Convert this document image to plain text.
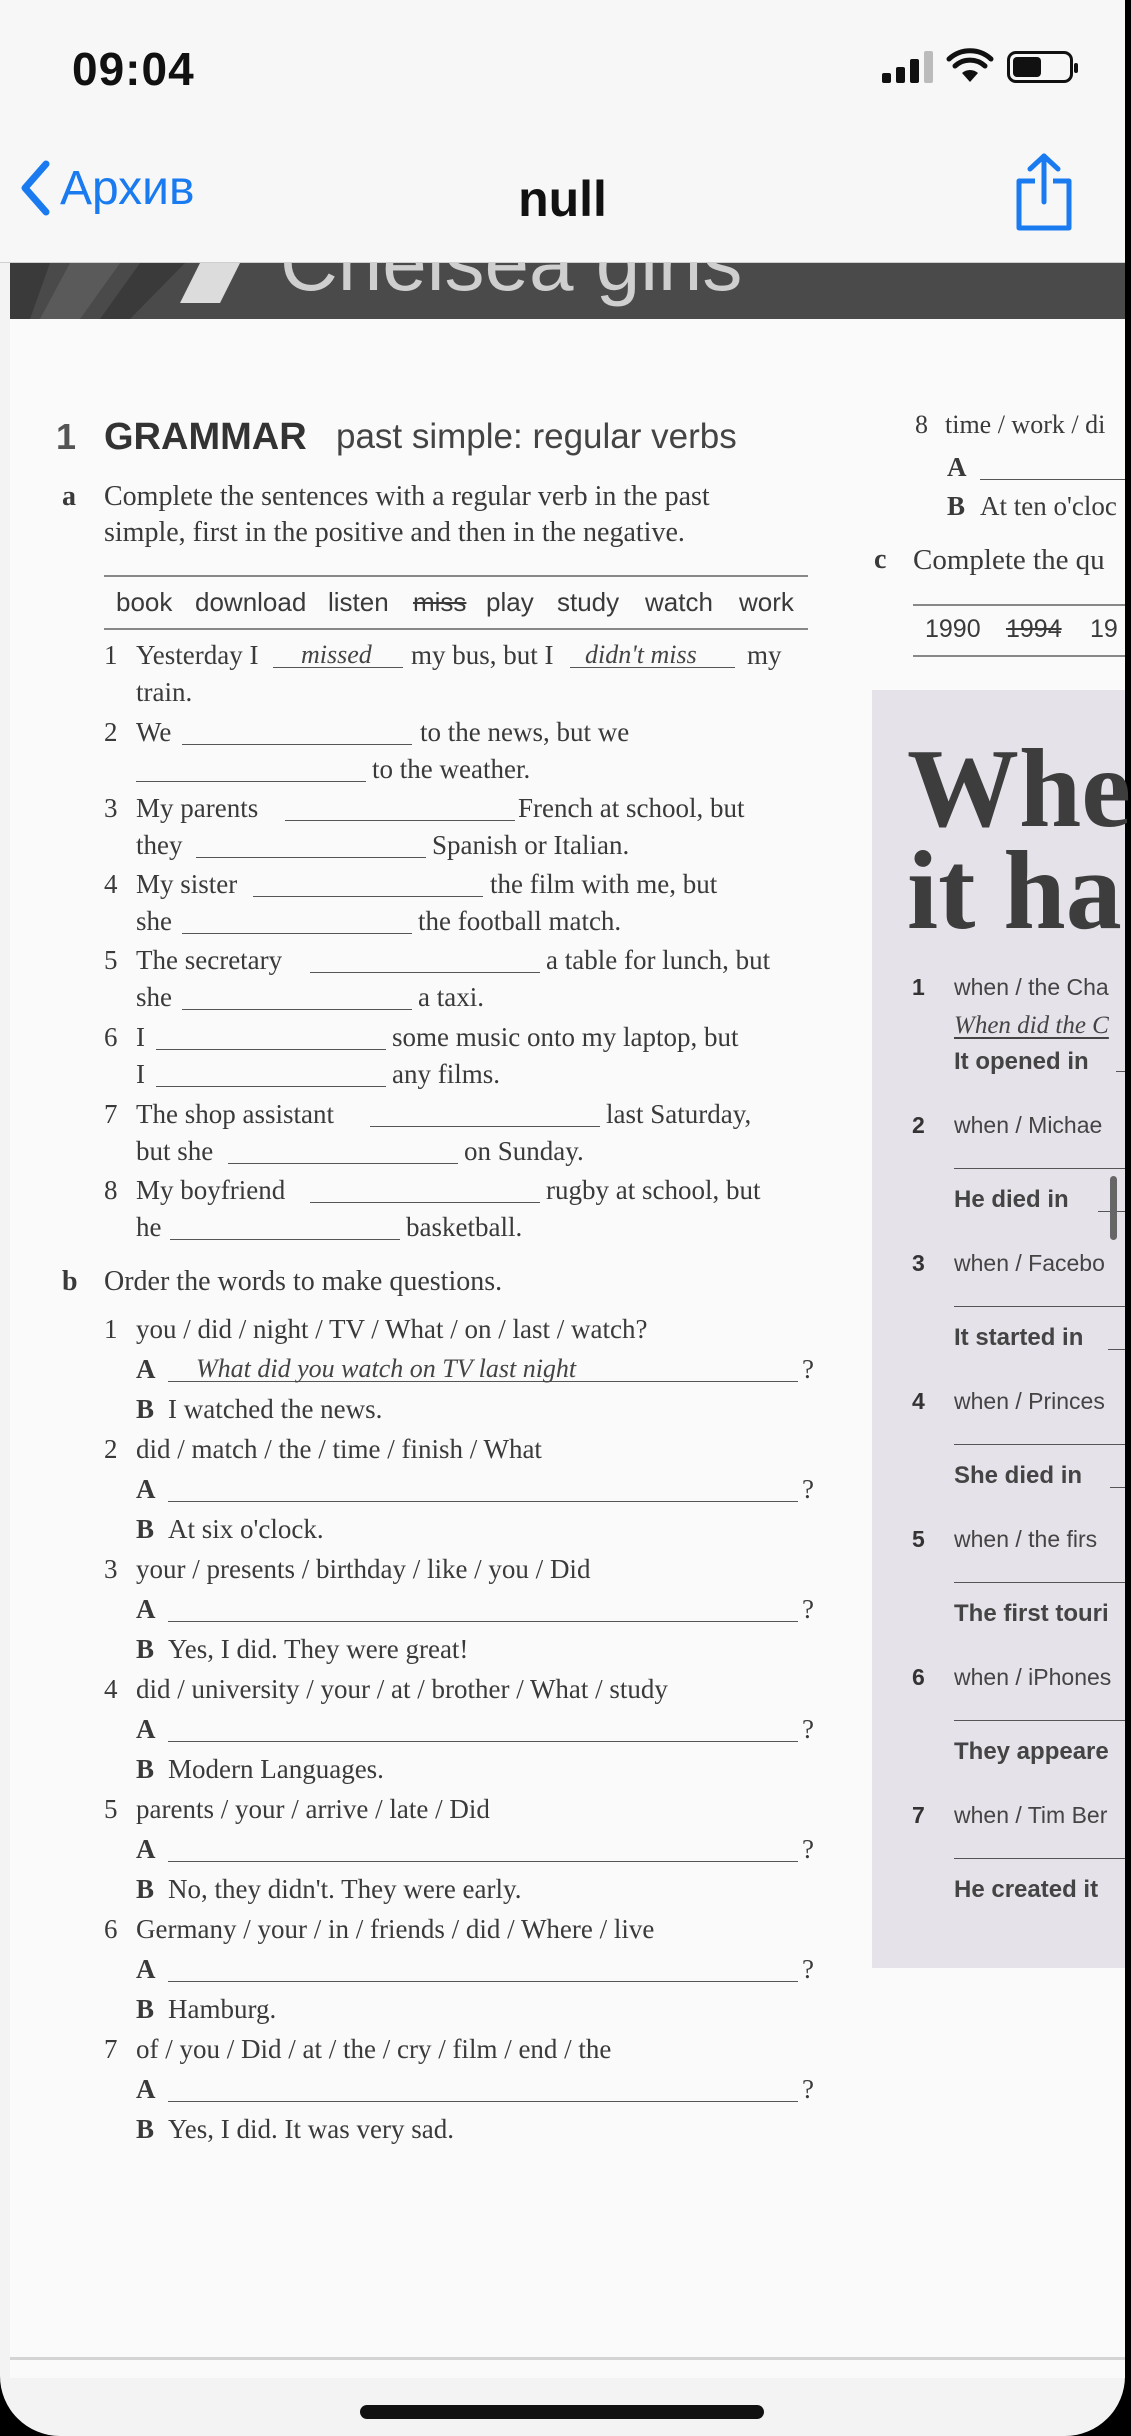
09:04
Архив	null
1 GRAMMAR past simple: regular verbs
a Complete the sentences with a regular verb in the past
simple, first in the positive and then in the negative.
book download listen miss play study watch work
1 Yesterday I missed my bus, but I didn't miss my
train.
2 We	to the news, but we
to the weather.
3 My parents	French at school, but
they	Spanish or Italian.
4 My sister	the film with me, but
she	the football match.
5 The secretary	a table for lunch, but
she	a taxi.
6 I	some music onto my laptop, but
I	any films.
7 The shop assistant	last Saturday,
but she	on Sunday.
8 My boyfriend	rugby at school, but
he	basketball.
b Order the words to make questions.
1 you / did / night / TV / What / on / last / watch?
A What did you watch on TV last night	?
B I watched the news.
2 did / match / the / time / finish / What
A	?
B At six o'clock.
3 your / presents / birthday / like / you / Did
A	?
B Yes, I did. They were great!
4 did / university / your / at / brother / What / study
A	?
B Modern Languages.
5 parents / your / arrive / late / Did
A	?
B No, they didn't. They were early.
6 Germany / your / in / friends / did / Where / live
A	?
B Hamburg.
7 of / you / Did / at / the / cry / film / end / the
A	?
B Yes, I did. It was very sad.
8 time / work / di
A
B At ten o'cloc
c Complete the qu
1990 1994 19
Whe
it ha
1 when / the Cha
When did the C
It opened in
2 when / Michae
He died in
3 when / Facebo
It started in
4 when / Princes
She died in
5 when / the firs
The first touri
6 when / iPhones
They appeare
7 when / Tim Ber
He created it
